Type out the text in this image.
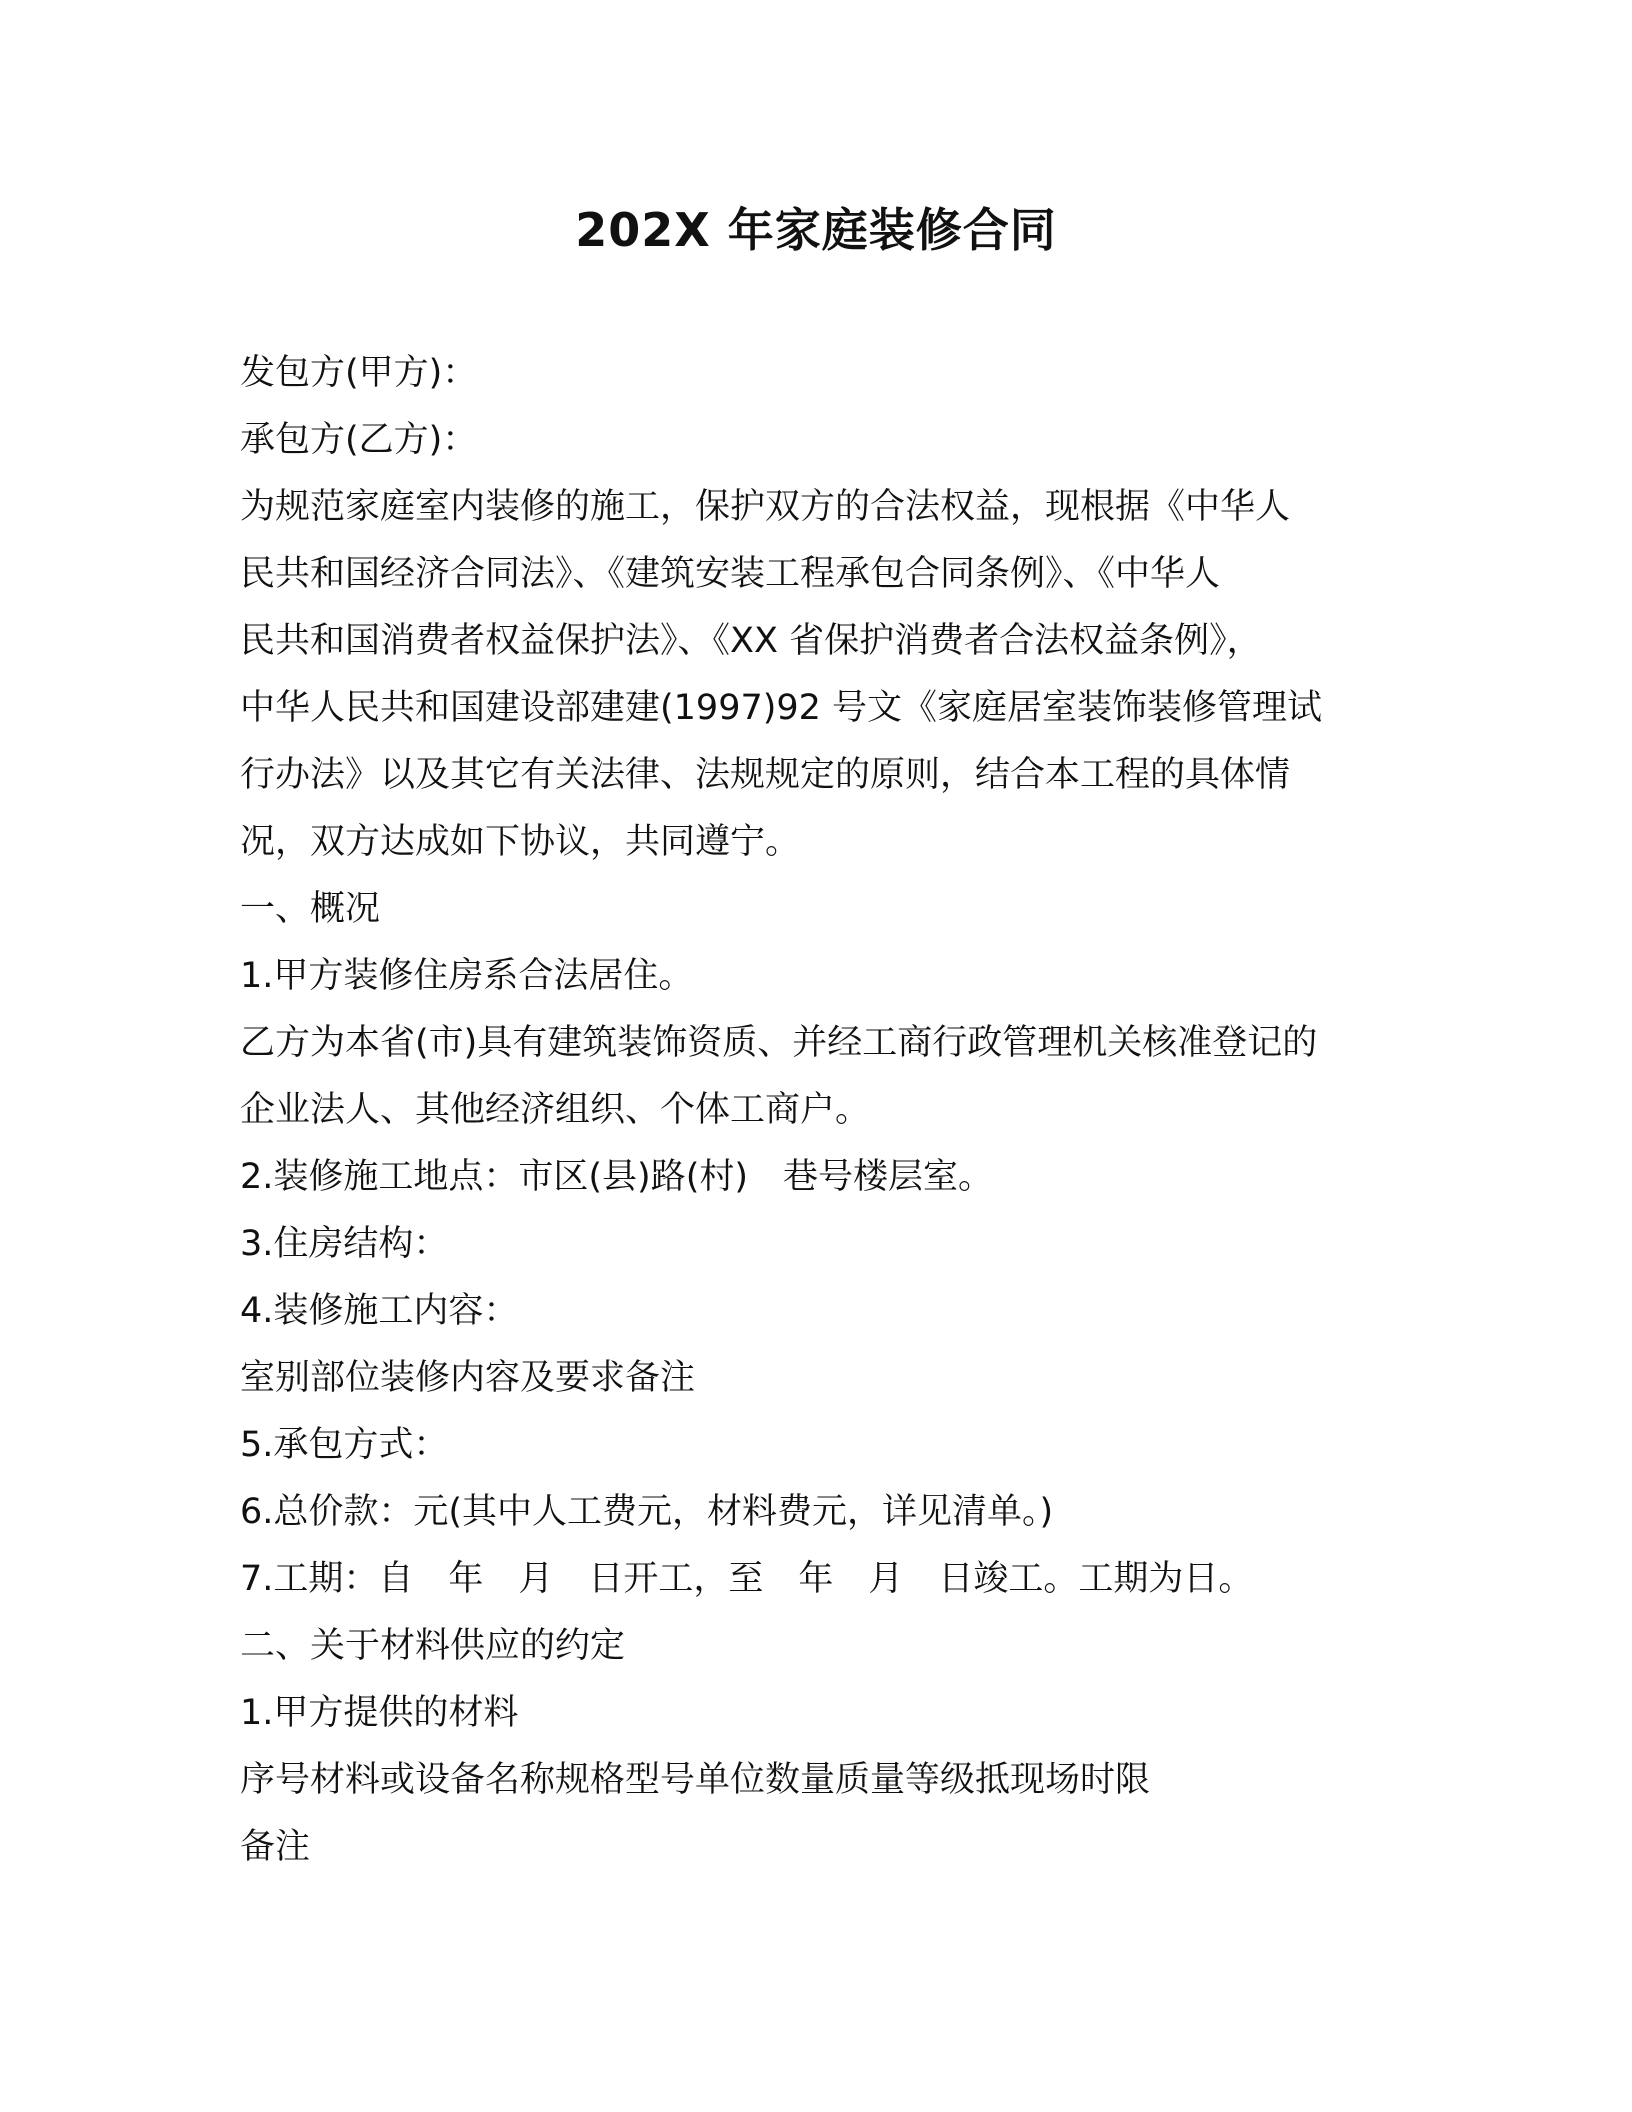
202X 年家庭装修合同
发包方(甲方)：
承包方(乙方)：
为规范家庭室内装修的施工，保护双方的合法权益，现根据《中华人
民共和国经济合同法》、《建筑安装工程承包合同条例》、《中华人
民共和国消费者权益保护法》、《XX 省保护消费者合法权益条例》，
中华人民共和国建设部建建(1997)92 号文《家庭居室装饰装修管理试
行办法》以及其它有关法律、法规规定的原则，结合本工程的具体情
况，双方达成如下协议，共同遵宁。
一、概况
1.甲方装修住房系合法居住。
乙方为本省(市)具有建筑装饰资质、并经工商行政管理机关核准登记的
企业法人、其他经济组织、个体工商户。
2.装修施工地点：市区(县)路(村)　巷号楼层室。
3.住房结构：
4.装修施工内容：
室别部位装修内容及要求备注
5.承包方式：
6.总价款：元(其中人工费元，材料费元，详见清单。)
7.工期：自　年　月　日开工，至　年　月　日竣工。工期为日。
二、关于材料供应的约定
1.甲方提供的材料
序号材料或设备名称规格型号单位数量质量等级抵现场时限
备注
